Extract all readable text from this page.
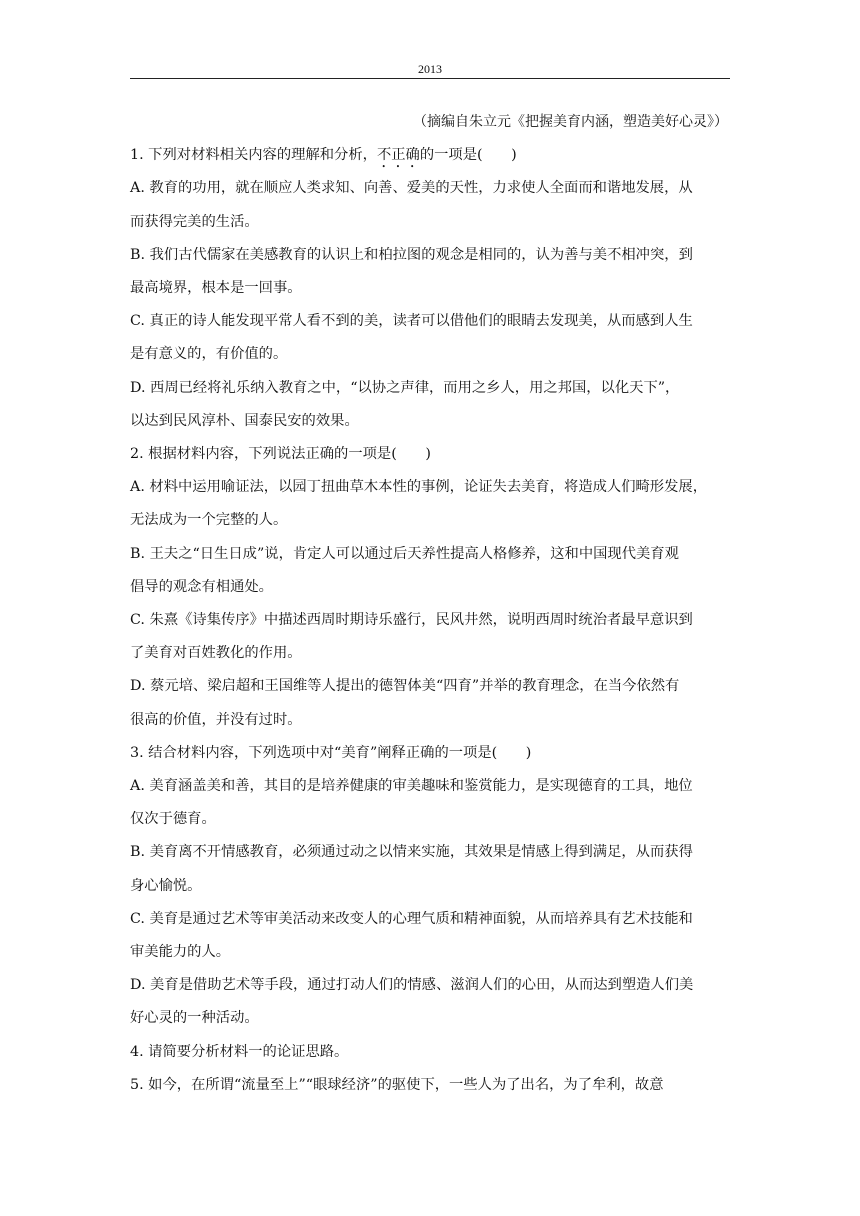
2013

（摘编自朱立元《把握美育内涵，塑造美好心灵》）

1. 下列对材料相关内容的理解和分析，不正确的一项是(　　)

A. 教育的功用，就在顺应人类求知、向善、爱美的天性，力求使人全面而和谐地发展，从

而获得完美的生活。

B. 我们古代儒家在美感教育的认识上和柏拉图的观念是相同的，认为善与美不相冲突，到

最高境界，根本是一回事。

C. 真正的诗人能发现平常人看不到的美，读者可以借他们的眼睛去发现美，从而感到人生

是有意义的，有价值的。

D. 西周已经将礼乐纳入教育之中，“以协之声律，而用之乡人，用之邦国，以化天下”，

以达到民风淳朴、国泰民安的效果。

2. 根据材料内容，下列说法正确的一项是(　　)

A. 材料中运用喻证法，以园丁扭曲草木本性的事例，论证失去美育，将造成人们畸形发展，

无法成为一个完整的人。

B. 王夫之“日生日成”说，肯定人可以通过后天养性提高人格修养，这和中国现代美育观

倡导的观念有相通处。

C. 朱熹《诗集传序》中描述西周时期诗乐盛行，民风井然，说明西周时统治者最早意识到

了美育对百姓教化的作用。

D. 蔡元培、梁启超和王国维等人提出的德智体美“四育”并举的教育理念，在当今依然有

很高的价值，并没有过时。

3. 结合材料内容，下列选项中对“美育”阐释正确的一项是(　　)

A. 美育涵盖美和善，其目的是培养健康的审美趣味和鉴赏能力，是实现德育的工具，地位

仅次于德育。

B. 美育离不开情感教育，必须通过动之以情来实施，其效果是情感上得到满足，从而获得

身心愉悦。

C. 美育是通过艺术等审美活动来改变人的心理气质和精神面貌，从而培养具有艺术技能和

审美能力的人。

D. 美育是借助艺术等手段，通过打动人们的情感、滋润人们的心田，从而达到塑造人们美

好心灵的一种活动。

4. 请简要分析材料一的论证思路。

5. 如今，在所谓“流量至上”“眼球经济”的驱使下，一些人为了出名，为了牟利，故意
